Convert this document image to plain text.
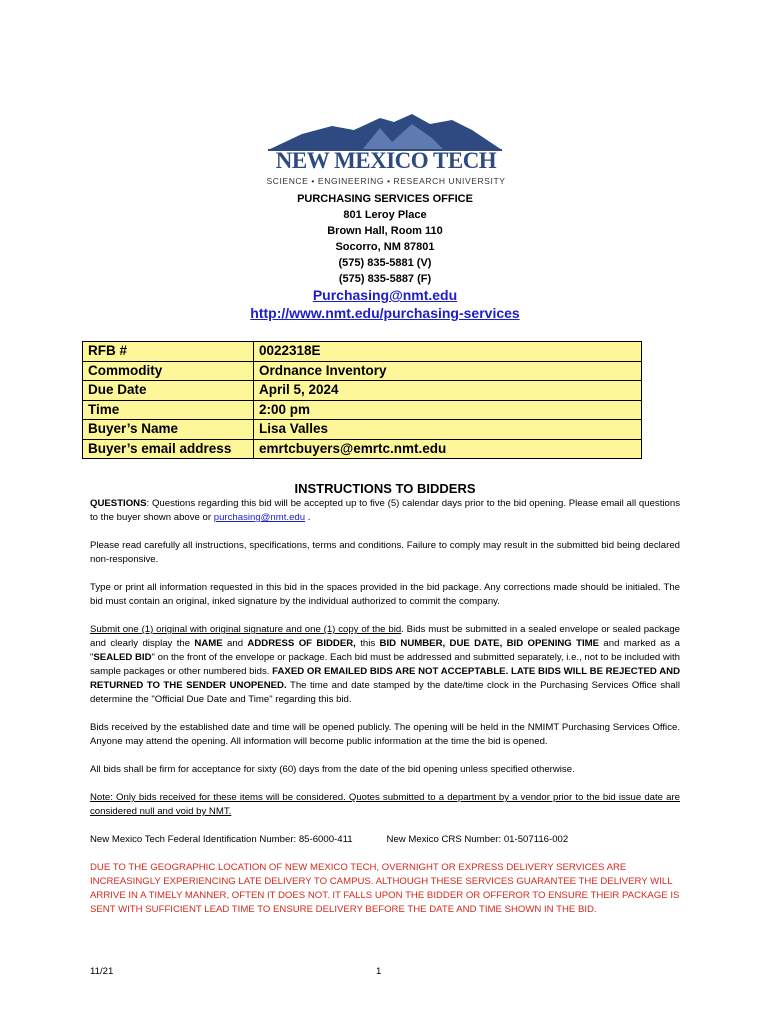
NEW MEXICO TECH
SCIENCE • ENGINEERING • RESEARCH UNIVERSITY
PURCHASING SERVICES OFFICE
801 Leroy Place
Brown Hall, Room 110
Socorro, NM 87801
(575) 835-5881 (V)
(575) 835-5887 (F)
Purchasing@nmt.edu
http://www.nmt.edu/purchasing-services
RFB #	0022318E
Commodity	Ordnance Inventory
Due Date	April 5, 2024
Time	2:00 pm
Buyer’s Name	Lisa Valles
Buyer’s email address	emrtcbuyers@emrtc.nmt.edu
INSTRUCTIONS TO BIDDERS

QUESTIONS: Questions regarding this bid will be accepted up to five (5) calendar days prior to the bid opening. Please email all questions to the buyer shown above or purchasing@nmt.edu .

Please read carefully all instructions, specifications, terms and conditions. Failure to comply may result in the submitted bid being declared non-responsive.

Type or print all information requested in this bid in the spaces provided in the bid package. Any corrections made should be initialed. The bid must contain an original, inked signature by the individual authorized to commit the company.

Submit one (1) original with original signature and one (1) copy of the bid. Bids must be submitted in a sealed envelope or sealed package and clearly display the NAME and ADDRESS OF BIDDER, this BID NUMBER, DUE DATE, BID OPENING TIME and marked as a "SEALED BID" on the front of the envelope or package. Each bid must be addressed and submitted separately, i.e., not to be included with sample packages or other numbered bids. FAXED OR EMAILED BIDS ARE NOT ACCEPTABLE. LATE BIDS WILL BE REJECTED AND RETURNED TO THE SENDER UNOPENED. The time and date stamped by the date/time clock in the Purchasing Services Office shall determine the "Official Due Date and Time" regarding this bid.

Bids received by the established date and time will be opened publicly. The opening will be held in the NMIMT Purchasing Services Office. Anyone may attend the opening. All information will become public information at the time the bid is opened.

All bids shall be firm for acceptance for sixty (60) days from the date of the bid opening unless specified otherwise.

Note: Only bids received for these items will be considered. Quotes submitted to a department by a vendor prior to the bid issue date are considered null and void by NMT.

New Mexico Tech Federal Identification Number: 85-6000-411	New Mexico CRS Number: 01-507116-002

DUE TO THE GEOGRAPHIC LOCATION OF NEW MEXICO TECH, OVERNIGHT OR EXPRESS DELIVERY SERVICES ARE INCREASINGLY EXPERIENCING LATE DELIVERY TO CAMPUS. ALTHOUGH THESE SERVICES GUARANTEE THE DELIVERY WILL ARRIVE IN A TIMELY MANNER, OFTEN IT DOES NOT. IT FALLS UPON THE BIDDER OR OFFEROR TO ENSURE THEIR PACKAGE IS SENT WITH SUFFICIENT LEAD TIME TO ENSURE DELIVERY BEFORE THE DATE AND TIME SHOWN IN THE BID.

11/21	1
